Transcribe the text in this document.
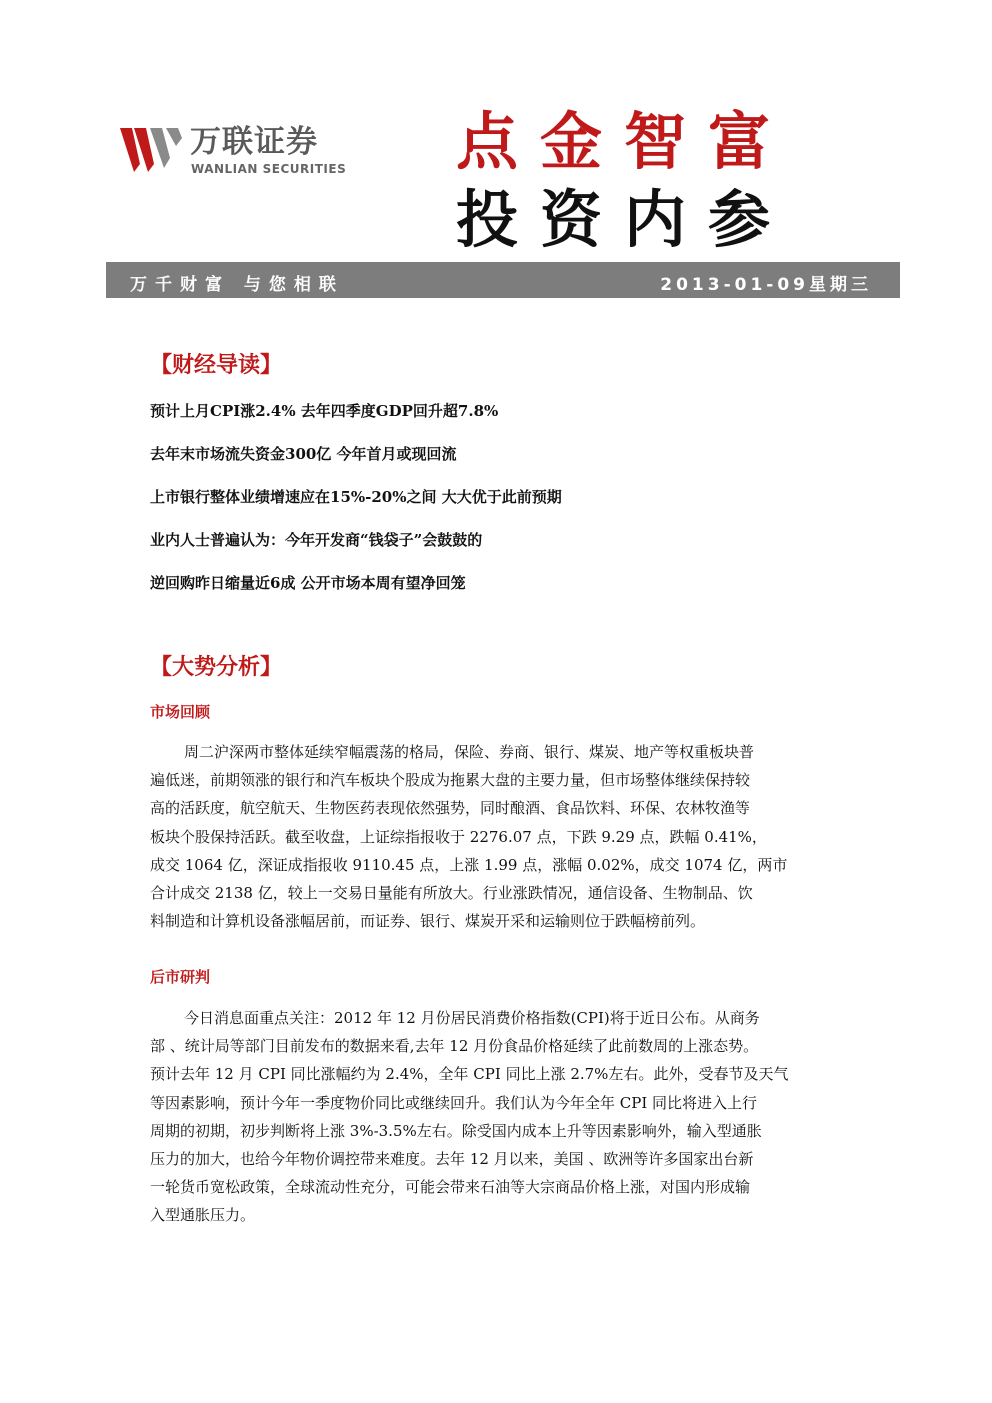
万联证券
WANLIAN SECURITIES 点金智富
投资内参
万千财富 与您相联	2013-01-09星期三
【财经导读】
预计上月CPI涨2.4% 去年四季度GDP回升超7.8%
去年末市场流失资金300亿 今年首月或现回流
上市银行整体业绩增速应在15%-20%之间 大大优于此前预期
业内人士普遍认为：今年开发商“钱袋子”会鼓鼓的
逆回购昨日缩量近6成 公开市场本周有望净回笼
【大势分析】
市场回顾
周二沪深两市整体延续窄幅震荡的格局，保险、券商、银行、煤炭、地产等权重板块普
遍低迷，前期领涨的银行和汽车板块个股成为拖累大盘的主要力量，但市场整体继续保持较
高的活跃度，航空航天、生物医药表现依然强势，同时酿酒、食品饮料、环保、农林牧渔等
板块个股保持活跃。截至收盘，上证综指报收于 2276.07 点，下跌 9.29 点，跌幅 0.41%，
成交 1064 亿，深证成指报收 9110.45 点，上涨 1.99 点，涨幅 0.02%，成交 1074 亿，两市
合计成交 2138 亿，较上一交易日量能有所放大。行业涨跌情况，通信设备、生物制品、饮
料制造和计算机设备涨幅居前，而证券、银行、煤炭开采和运输则位于跌幅榜前列。
后市研判
今日消息面重点关注：2012 年 12 月份居民消费价格指数(CPI)将于近日公布。从商务
部 、统计局等部门目前发布的数据来看,去年 12 月份食品价格延续了此前数周的上涨态势。
预计去年 12 月 CPI 同比涨幅约为 2.4%，全年 CPI 同比上涨 2.7%左右。此外，受春节及天气
等因素影响，预计今年一季度物价同比或继续回升。我们认为今年全年 CPI 同比将进入上行
周期的初期，初步判断将上涨 3%-3.5%左右。除受国内成本上升等因素影响外，输入型通胀
压力的加大，也给今年物价调控带来难度。去年 12 月以来，美国 、欧洲等许多国家出台新
一轮货币宽松政策，全球流动性充分，可能会带来石油等大宗商品价格上涨，对国内形成输
入型通胀压力。
